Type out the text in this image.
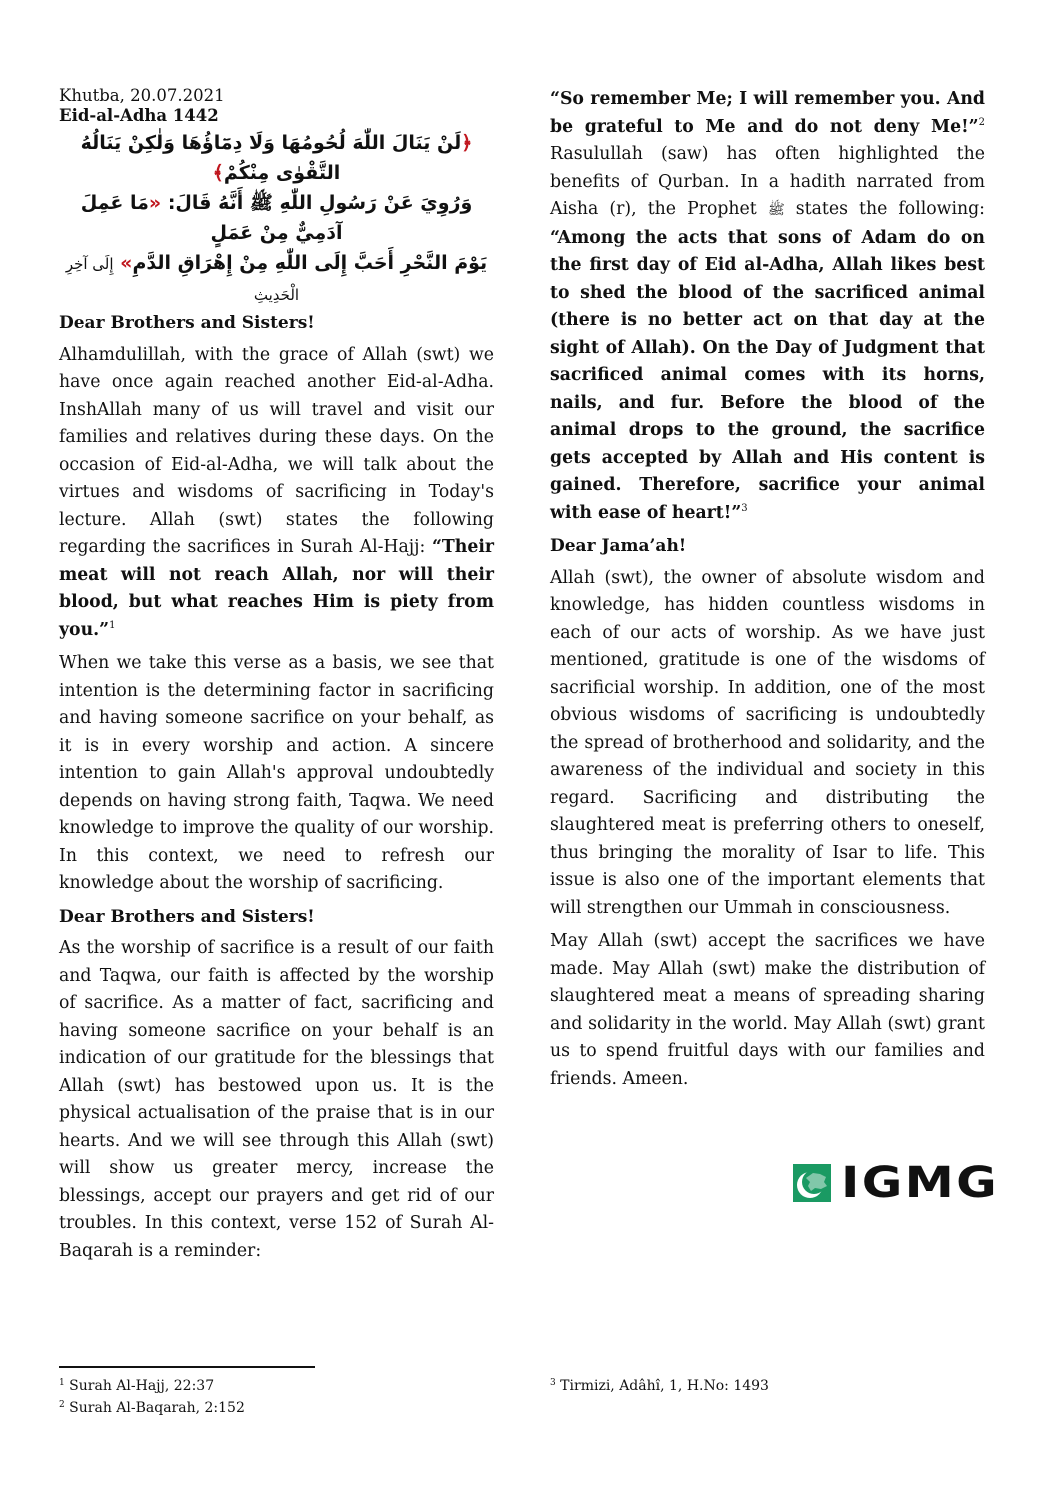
Khutba, 20.07.2021
Eid-al-Adha 1442
﴿لَنْ يَنَالَ اللّٰهَ لُحُومُهَا وَلَا دِمَٓاؤُهَا وَلٰكِنْ يَنَالُهُ التَّقْوٰى مِنْكُمْ﴾
وَرُوِيَ عَنْ رَسُولِ اللّٰهِ ﷺ أَنَّهُ قَالَ: «مَا عَمِلَ آدَمِيٌّ مِنْ عَمَلٍ
يَوْمَ النَّحْرِ أَحَبَّ إِلَى اللّٰهِ مِنْ إِهْرَاقِ الدَّمِ» إِلَى آخِرِ الْحَدِيثِ
Dear Brothers and Sisters!

Alhamdulillah, with the grace of Allah (swt) we have once again reached another Eid-al-Adha. InshAllah many of us will travel and visit our families and relatives during these days. On the occasion of Eid-al-Adha, we will talk about the virtues and wisdoms of sacrificing in Today's lecture. Allah (swt) states the following regarding the sacrifices in Surah Al-Hajj: “Their meat will not reach Allah, nor will their blood, but what reaches Him is piety from you.”$^1$

When we take this verse as a basis, we see that intention is the determining factor in sacrificing and having someone sacrifice on your behalf, as it is in every worship and action. A sincere intention to gain Allah's approval undoubtedly depends on having strong faith, Taqwa. We need knowledge to improve the quality of our worship. In this context, we need to refresh our knowledge about the worship of sacrificing.

Dear Brothers and Sisters!

As the worship of sacrifice is a result of our faith and Taqwa, our faith is affected by the worship of sacrifice. As a matter of fact, sacrificing and having someone sacrifice on your behalf is an indication of our gratitude for the blessings that Allah (swt) has bestowed upon us. It is the physical actualisation of the praise that is in our hearts. And we will see through this Allah (swt) will show us greater mercy, increase the blessings, accept our prayers and get rid of our troubles. In this context, verse 152 of Surah Al-Baqarah is a reminder:

“So remember Me; I will remember you. And be grateful to Me and do not deny Me!”$^2$ Rasulullah (saw) has often highlighted the benefits of Qurban. In a hadith narrated from Aisha (r), the Prophet ﷺ states the following: “Among the acts that sons of Adam do on the first day of Eid al-Adha, Allah likes best to shed the blood of the sacrificed animal (there is no better act on that day at the sight of Allah). On the Day of Judgment that sacrificed animal comes with its horns, nails, and fur. Before the blood of the animal drops to the ground, the sacrifice gets accepted by Allah and His content is gained. Therefore, sacrifice your animal with ease of heart!”$^3$

Dear Jama’ah!

Allah (swt), the owner of absolute wisdom and knowledge, has hidden countless wisdoms in each of our acts of worship. As we have just mentioned, gratitude is one of the wisdoms of sacrificial worship. In addition, one of the most obvious wisdoms of sacrificing is undoubtedly the spread of brotherhood and solidarity, and the awareness of the individual and society in this regard. Sacrificing and distributing the slaughtered meat is preferring others to oneself, thus bringing the morality of Isar to life. This issue is also one of the important elements that will strengthen our Ummah in consciousness.

May Allah (swt) accept the sacrifices we have made. May Allah (swt) make the distribution of slaughtered meat a means of spreading sharing and solidarity in the world. May Allah (swt) grant us to spend fruitful days with our families and friends. Ameen.

IGMG
$^1$ Surah Al-Hajj, 22:37
$^2$ Surah Al-Baqarah, 2:152
$^3$ Tirmizi, Adâhî, 1, H.No: 1493
